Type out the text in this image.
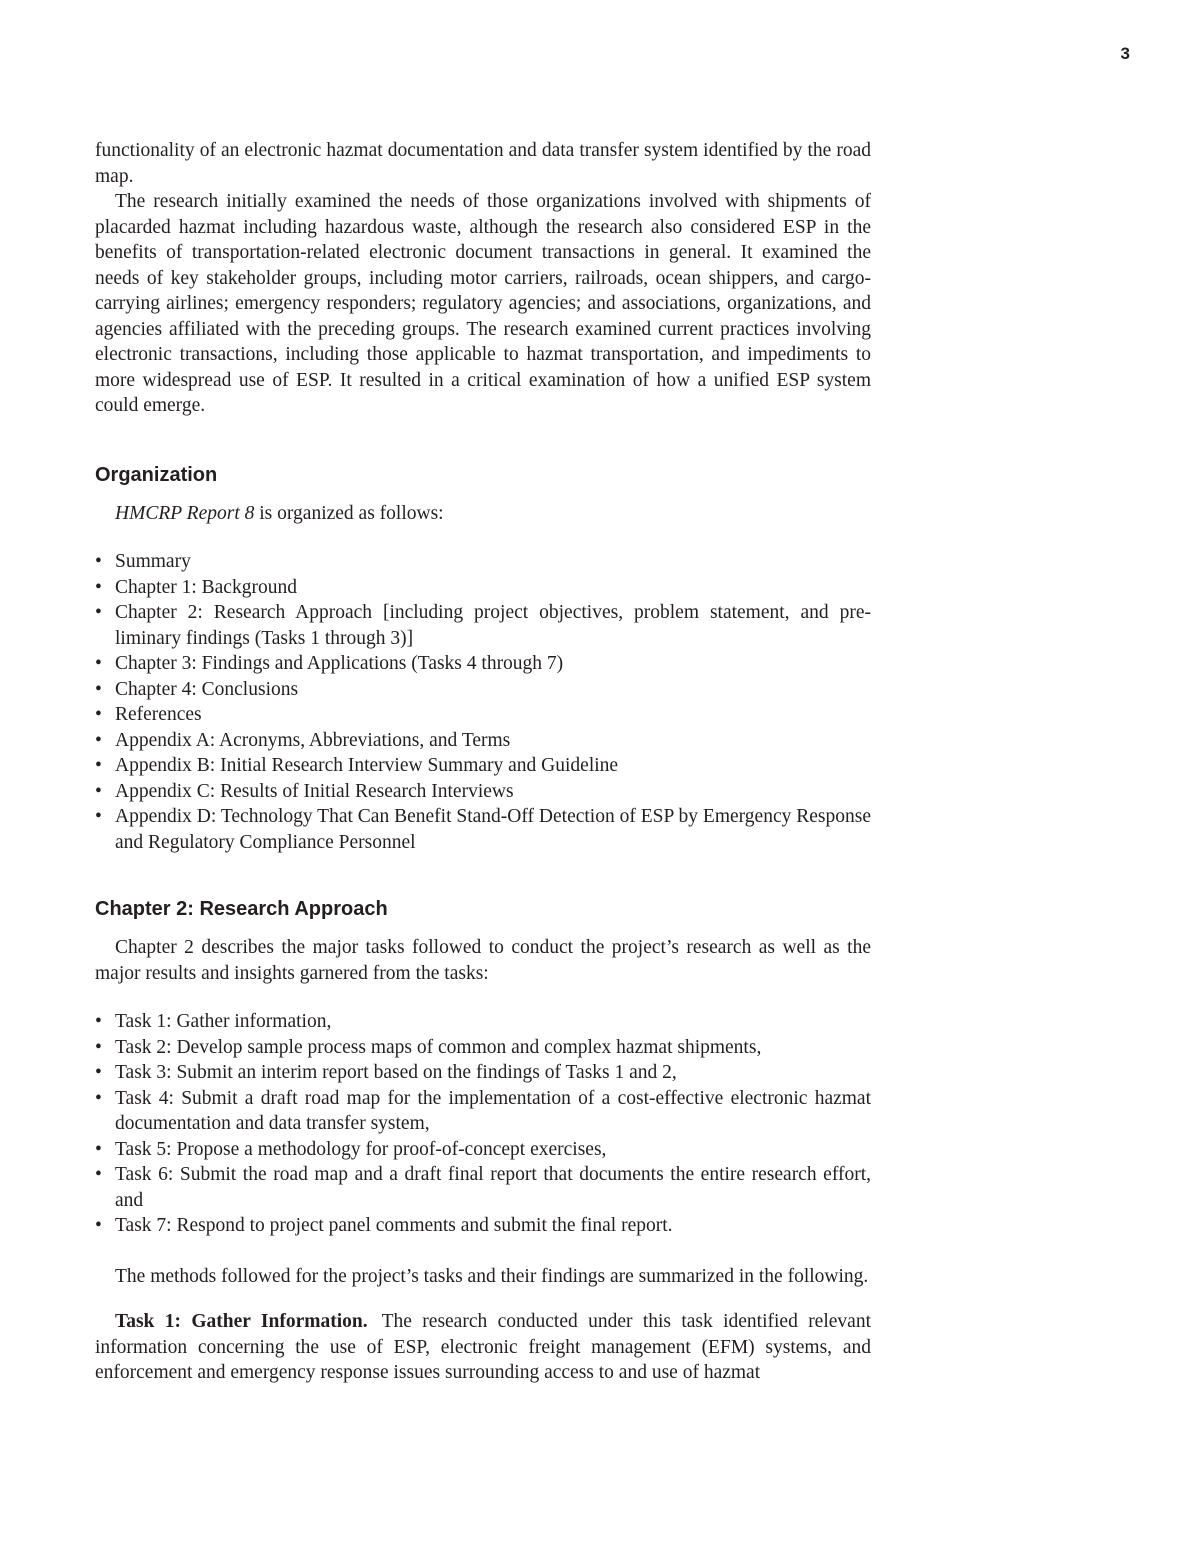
3

functionality of an electronic hazmat documentation and data transfer system identified by the road map.

The research initially examined the needs of those organizations involved with shipments of placarded hazmat including hazardous waste, although the research also considered ESP in the benefits of transportation-related electronic document transactions in general. It examined the needs of key stakeholder groups, including motor carriers, railroads, ocean shippers, and cargo-carrying airlines; emergency responders; regulatory agencies; and associations, organizations, and agencies affiliated with the preceding groups. The research examined current practices involving electronic transactions, including those applicable to hazmat transportation, and impediments to more widespread use of ESP. It resulted in a critical examination of how a unified ESP system could emerge.

Organization

HMCRP Report 8 is organized as follows:

• Summary
• Chapter 1: Background
• Chapter 2: Research Approach [including project objectives, problem statement, and pre-liminary findings (Tasks 1 through 3)]
• Chapter 3: Findings and Applications (Tasks 4 through 7)
• Chapter 4: Conclusions
• References
• Appendix A: Acronyms, Abbreviations, and Terms
• Appendix B: Initial Research Interview Summary and Guideline
• Appendix C: Results of Initial Research Interviews
• Appendix D: Technology That Can Benefit Stand-Off Detection of ESP by Emergency Response and Regulatory Compliance Personnel
Chapter 2: Research Approach

Chapter 2 describes the major tasks followed to conduct the project’s research as well as the major results and insights garnered from the tasks:

• Task 1: Gather information,
• Task 2: Develop sample process maps of common and complex hazmat shipments,
• Task 3: Submit an interim report based on the findings of Tasks 1 and 2,
• Task 4: Submit a draft road map for the implementation of a cost-effective electronic hazmat documentation and data transfer system,
• Task 5: Propose a methodology for proof-of-concept exercises,
• Task 6: Submit the road map and a draft final report that documents the entire research effort, and
• Task 7: Respond to project panel comments and submit the final report.

The methods followed for the project’s tasks and their findings are summarized in the following.

Task 1: Gather Information. The research conducted under this task identified relevant information concerning the use of ESP, electronic freight management (EFM) systems, and enforcement and emergency response issues surrounding access to and use of hazmat
